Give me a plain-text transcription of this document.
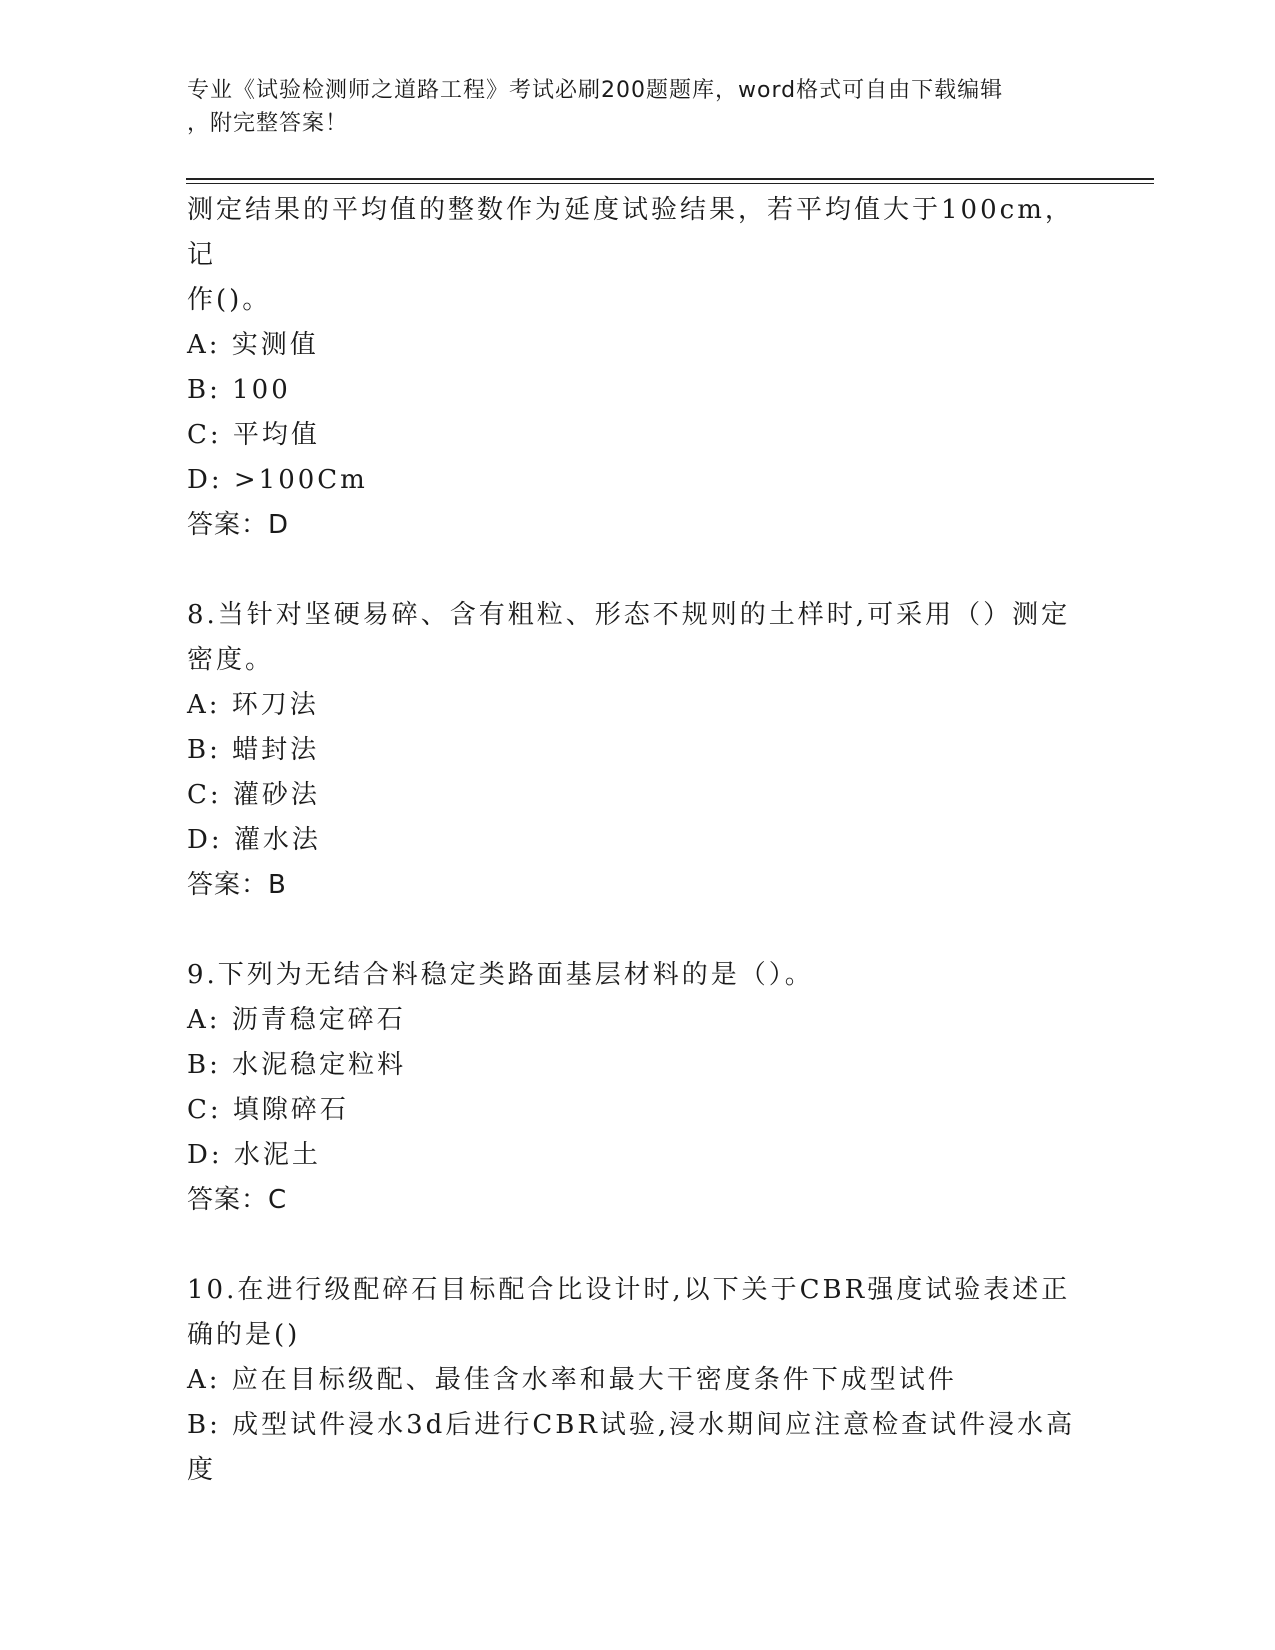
专业《试验检测师之道路工程》考试必刷200题题库，word格式可自由下载编辑
，附完整答案！
测定结果的平均值的整数作为延度试验结果，若平均值大于100cm，记
作()。
A: 实测值
B: 100
C: 平均值
D: >100Cm
答案：D
8.当针对坚硬易碎、含有粗粒、形态不规则的土样时,可采用（）测定
密度。
A: 环刀法
B: 蜡封法
C: 灌砂法
D: 灌水法
答案：B
9.下列为无结合料稳定类路面基层材料的是（）。
A: 沥青稳定碎石
B: 水泥稳定粒料
C: 填隙碎石
D: 水泥土
答案：C
10.在进行级配碎石目标配合比设计时,以下关于CBR强度试验表述正
确的是()
A: 应在目标级配、最佳含水率和最大干密度条件下成型试件
B: 成型试件浸水3d后进行CBR试验,浸水期间应注意检查试件浸水高
度
